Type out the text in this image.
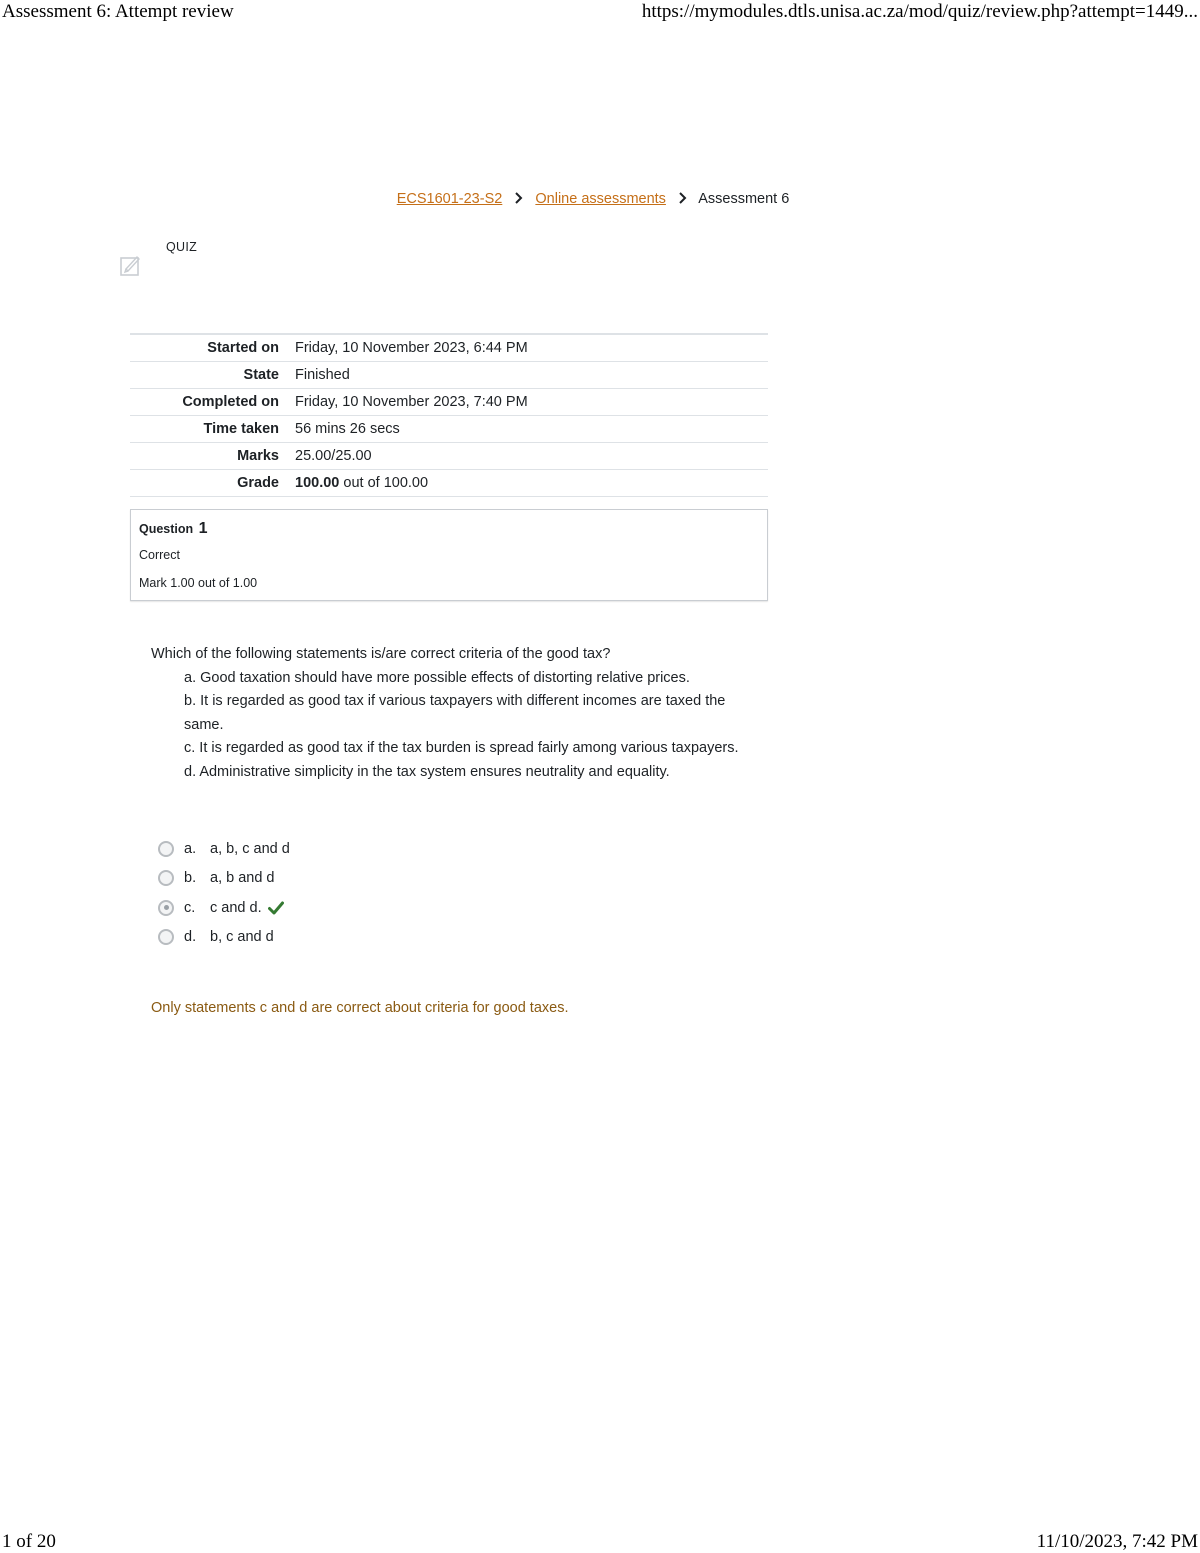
Assessment 6: Attempt review	https://mymodules.dtls.unisa.ac.za/mod/quiz/review.php?attempt=1449...
ECS1601-23-S2 Online assessments Assessment 6
QUIZ
Started on	Friday, 10 November 2023, 6:44 PM
State	Finished
Completed on	Friday, 10 November 2023, 7:40 PM
Time taken	56 mins 26 secs
Marks	25.00/25.00
Grade	100.00 out of 100.00
Question 1
Correct
Mark 1.00 out of 1.00
Which of the following statements is/are correct criteria of the good tax?
a. Good taxation should have more possible effects of distorting relative prices.
b. It is regarded as good tax if various taxpayers with different incomes are taxed the same.
c. It is regarded as good tax if the tax burden is spread fairly among various taxpayers.
d. Administrative simplicity in the tax system ensures neutrality and equality.
a. a, b, c and d
b. a, b and d
c.	c and d.
d. b, c and d
Only statements c and d are correct about criteria for good taxes.
1 of 20	11/10/2023, 7:42 PM
